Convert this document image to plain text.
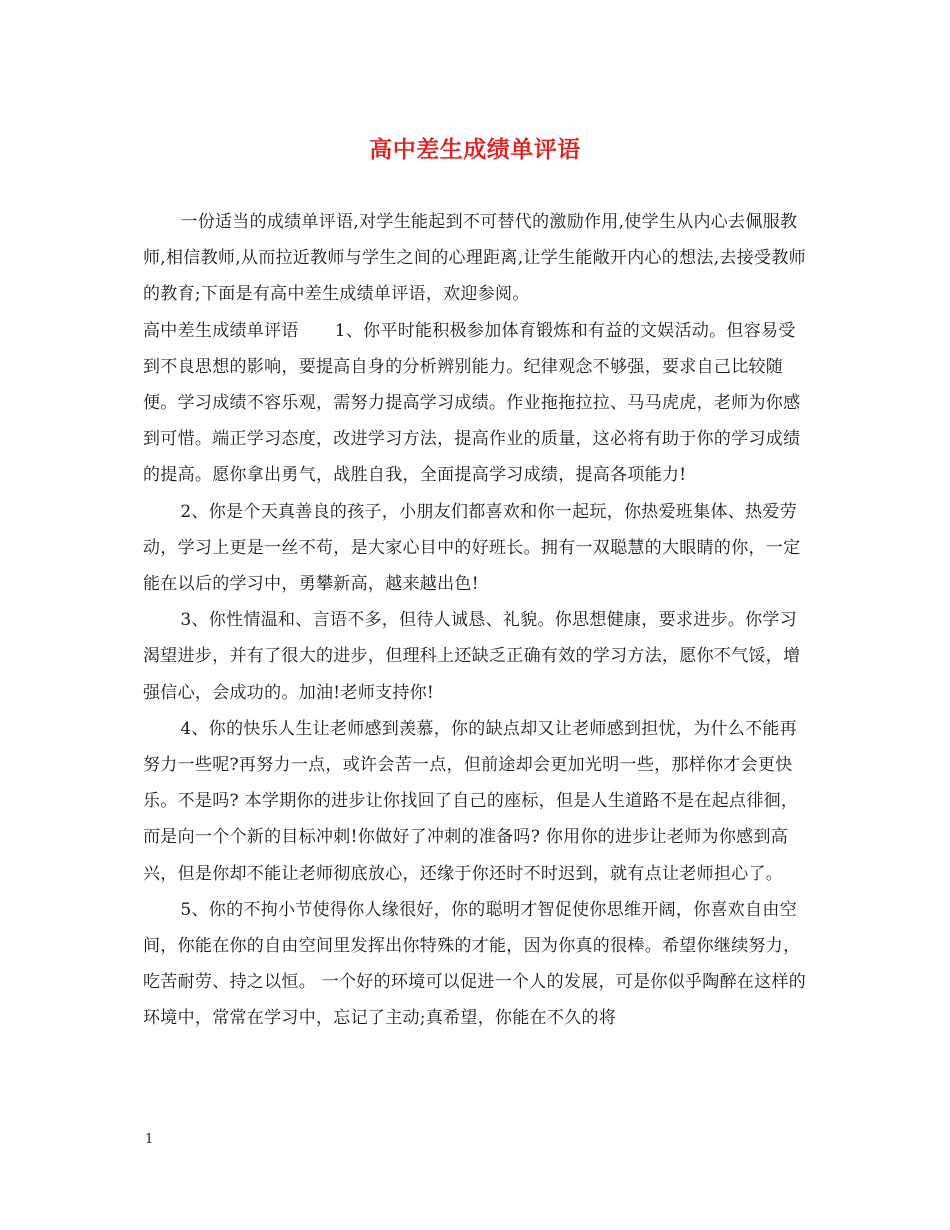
高中差生成绩单评语

一份适当的成绩单评语,对学生能起到不可替代的激励作用,使学生从内心去佩服教师,相信教师,从而拉近教师与学生之间的心理距离,让学生能敞开内心的想法,去接受教师的教育;下面是有高中差生成绩单评语，欢迎参阅。

高中差生成绩单评语 1、你平时能积极参加体育锻炼和有益的文娱活动。但容易受到不良思想的影响，要提高自身的分析辨别能力。纪律观念不够强，要求自己比较随便。学习成绩不容乐观，需努力提高学习成绩。作业拖拖拉拉、马马虎虎，老师为你感到可惜。端正学习态度，改进学习方法，提高作业的质量，这必将有助于你的学习成绩的提高。愿你拿出勇气，战胜自我，全面提高学习成绩，提高各项能力!

2、你是个天真善良的孩子，小朋友们都喜欢和你一起玩，你热爱班集体、热爱劳动，学习上更是一丝不苟，是大家心目中的好班长。拥有一双聪慧的大眼睛的你，一定能在以后的学习中，勇攀新高，越来越出色!

3、你性情温和、言语不多，但待人诚恳、礼貌。你思想健康，要求进步。你学习渴望进步，并有了很大的进步，但理科上还缺乏正确有效的学习方法，愿你不气馁，增强信心，会成功的。加油!老师支持你!

4、你的快乐人生让老师感到羡慕，你的缺点却又让老师感到担忧，为什么不能再努力一些呢?再努力一点，或许会苦一点，但前途却会更加光明一些，那样你才会更快乐。不是吗? 本学期你的进步让你找回了自己的座标，但是人生道路不是在起点徘徊，而是向一个个新的目标冲刺!你做好了冲刺的准备吗? 你用你的进步让老师为你感到高兴，但是你却不能让老师彻底放心，还缘于你还时不时迟到，就有点让老师担心了。

5、你的不拘小节使得你人缘很好，你的聪明才智促使你思维开阔，你喜欢自由空间，你能在你的自由空间里发挥出你特殊的才能，因为你真的很棒。希望你继续努力，吃苦耐劳、持之以恒。 一个好的环境可以促进一个人的发展，可是你似乎陶醉在这样的环境中，常常在学习中，忘记了主动;真希望，你能在不久的将

1
